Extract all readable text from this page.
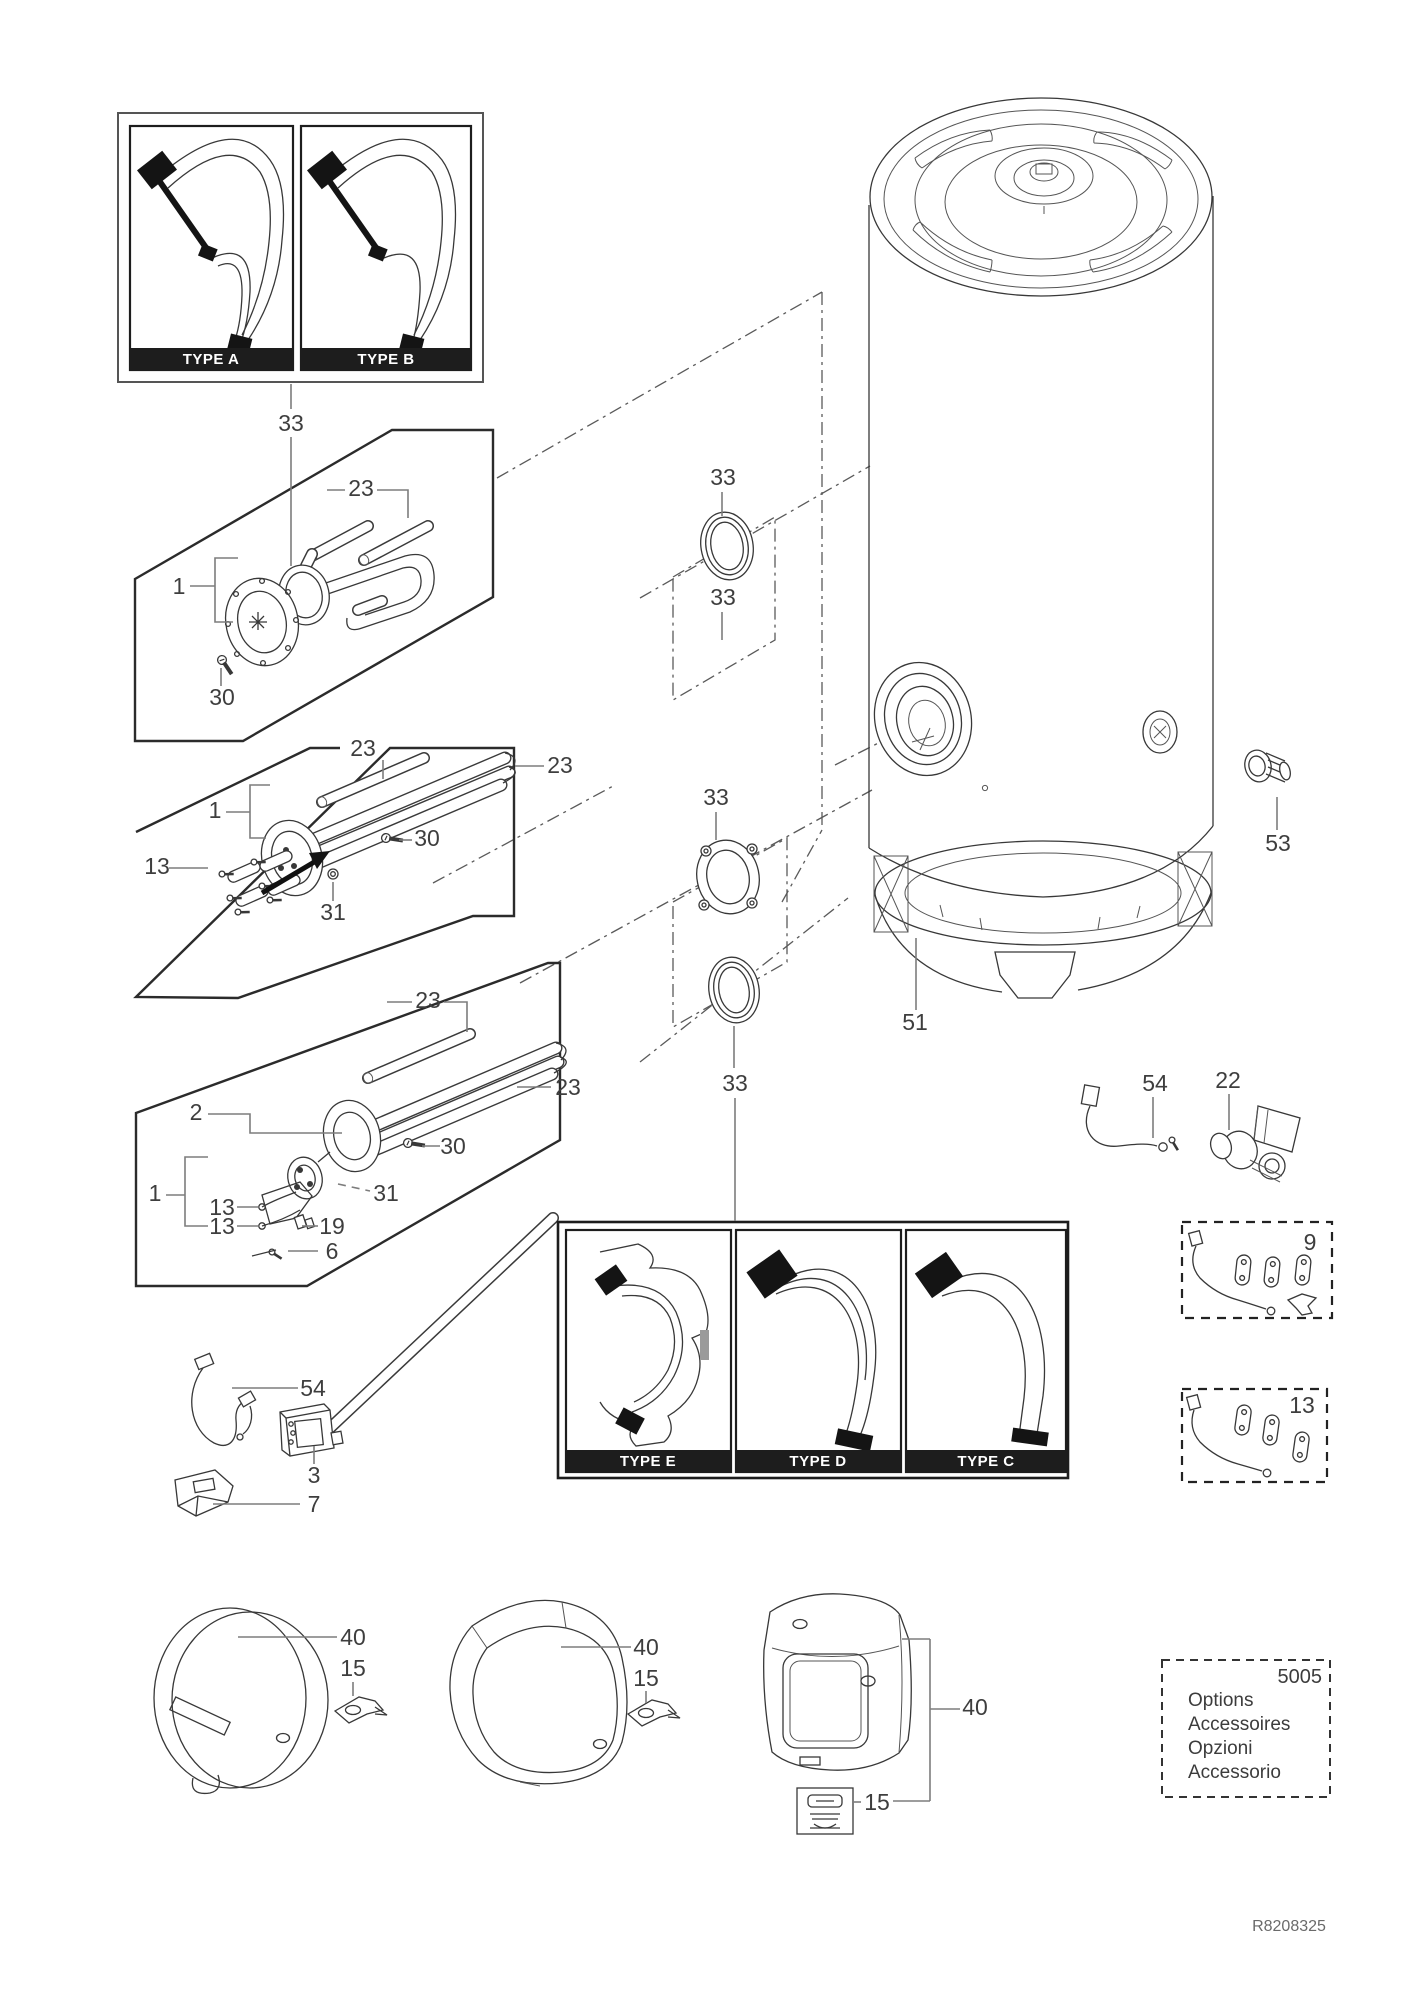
TYPE A	TYPE B
TYPE E	TYPE D	TYPE C
5005
Options
Accessoires
Opzioni
Accessorio
33
23
1
30
33
33
23
23
1
30
13
31
23
23
33
33
2
30
1
13
13	19
6
31
54
3
7
51
53
54 22
9
13
40
15
40
15
40
15
R8208325
